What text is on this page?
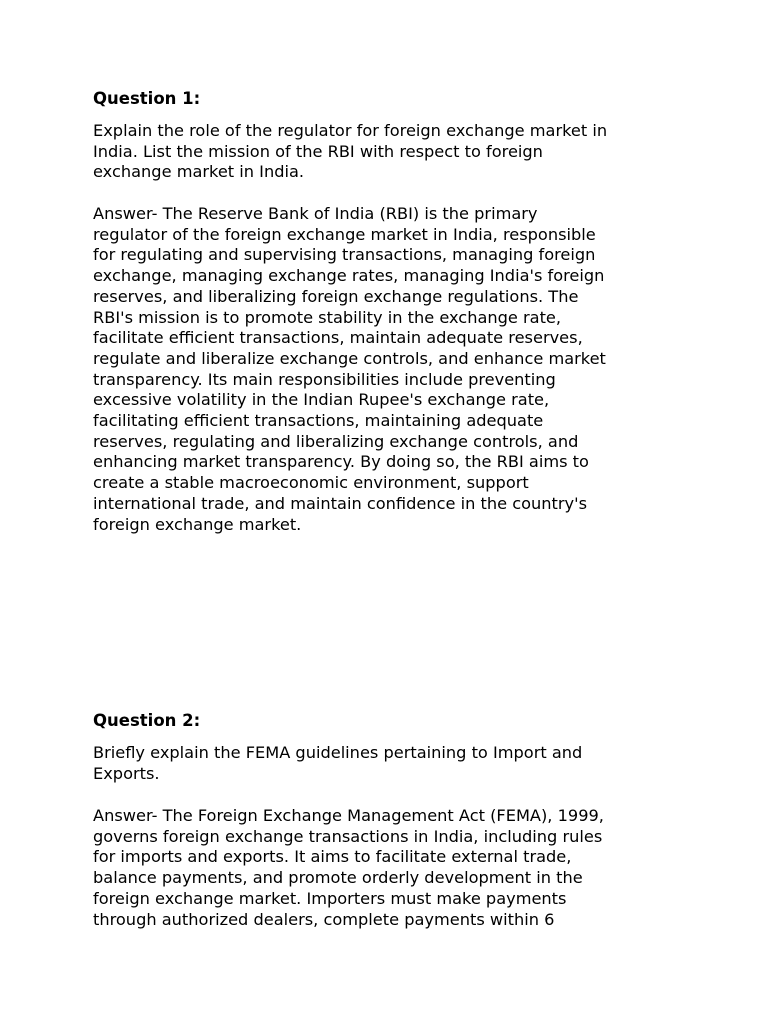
Question 1:

Explain the role of the regulator for foreign exchange market in

India. List the mission of the RBI with respect to foreign

exchange market in India.

Answer- The Reserve Bank of India (RBI) is the primary

regulator of the foreign exchange market in India, responsible

for regulating and supervising transactions, managing foreign

exchange, managing exchange rates, managing India's foreign

reserves, and liberalizing foreign exchange regulations. The

RBI's mission is to promote stability in the exchange rate,

facilitate efficient transactions, maintain adequate reserves,

regulate and liberalize exchange controls, and enhance market

transparency. Its main responsibilities include preventing

excessive volatility in the Indian Rupee's exchange rate,

facilitating efficient transactions, maintaining adequate

reserves, regulating and liberalizing exchange controls, and

enhancing market transparency. By doing so, the RBI aims to

create a stable macroeconomic environment, support

international trade, and maintain confidence in the country's

foreign exchange market.

Question 2:

Briefly explain the FEMA guidelines pertaining to Import and

Exports.

Answer- The Foreign Exchange Management Act (FEMA), 1999,

governs foreign exchange transactions in India, including rules

for imports and exports. It aims to facilitate external trade,

balance payments, and promote orderly development in the

foreign exchange market. Importers must make payments

through authorized dealers, complete payments within 6
